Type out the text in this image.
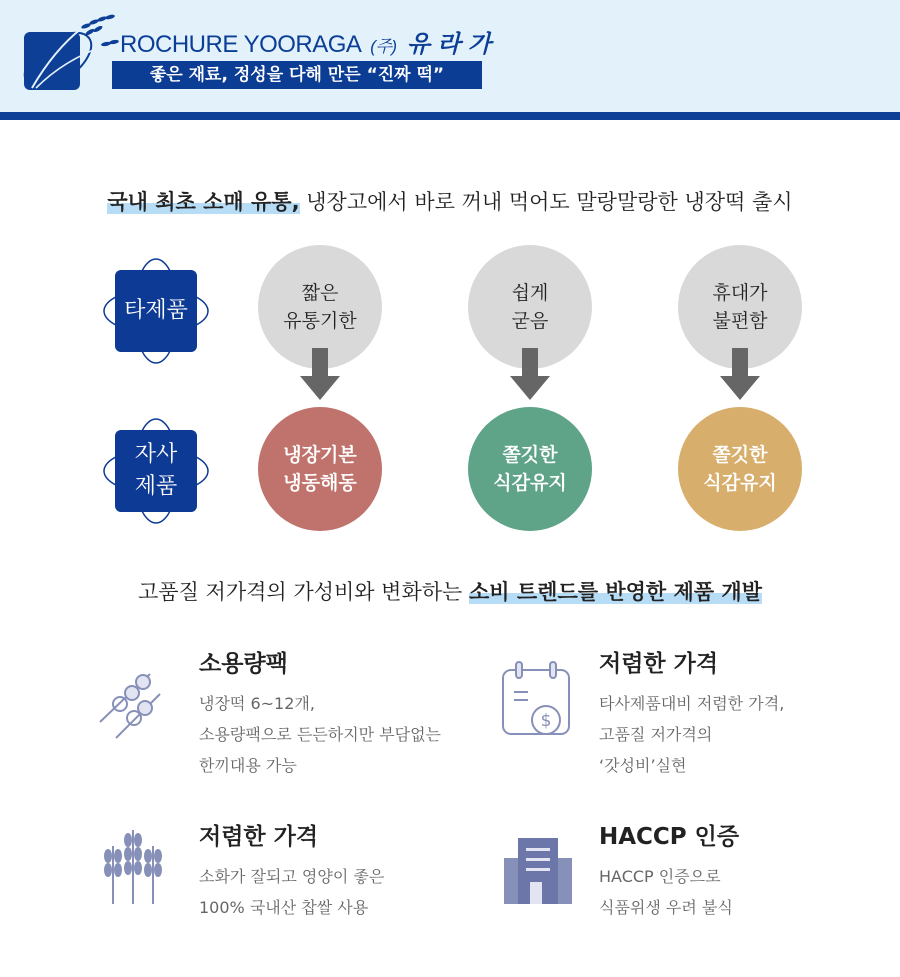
ROCHURE YOORAGA (주) 유 라 가
좋은 재료, 정성을 다해 만든 “진짜 떡”
국내 최초 소매 유통, 냉장고에서 바로 꺼내 먹어도 말랑말랑한 냉장떡 출시
타제품
자사
제품
짧은
유통기한
냉장기본
냉동해동
쉽게
굳음
쫄깃한
식감유지
휴대가
불편함
쫄깃한
식감유지
고품질 저가격의 가성비와 변화하는 소비 트렌드를 반영한 제품 개발
소용량팩
냉장떡 6~12개,
소용량팩으로 든든하지만 부담없는
한끼대용 가능
$
저렴한 가격
타사제품대비 저렴한 가격,
고품질 저가격의
‘갓성비’실현
저렴한 가격
소화가 잘되고 영양이 좋은
100% 국내산 찹쌀 사용
HACCP 인증
HACCP 인증으로
식품위생 우려 불식
